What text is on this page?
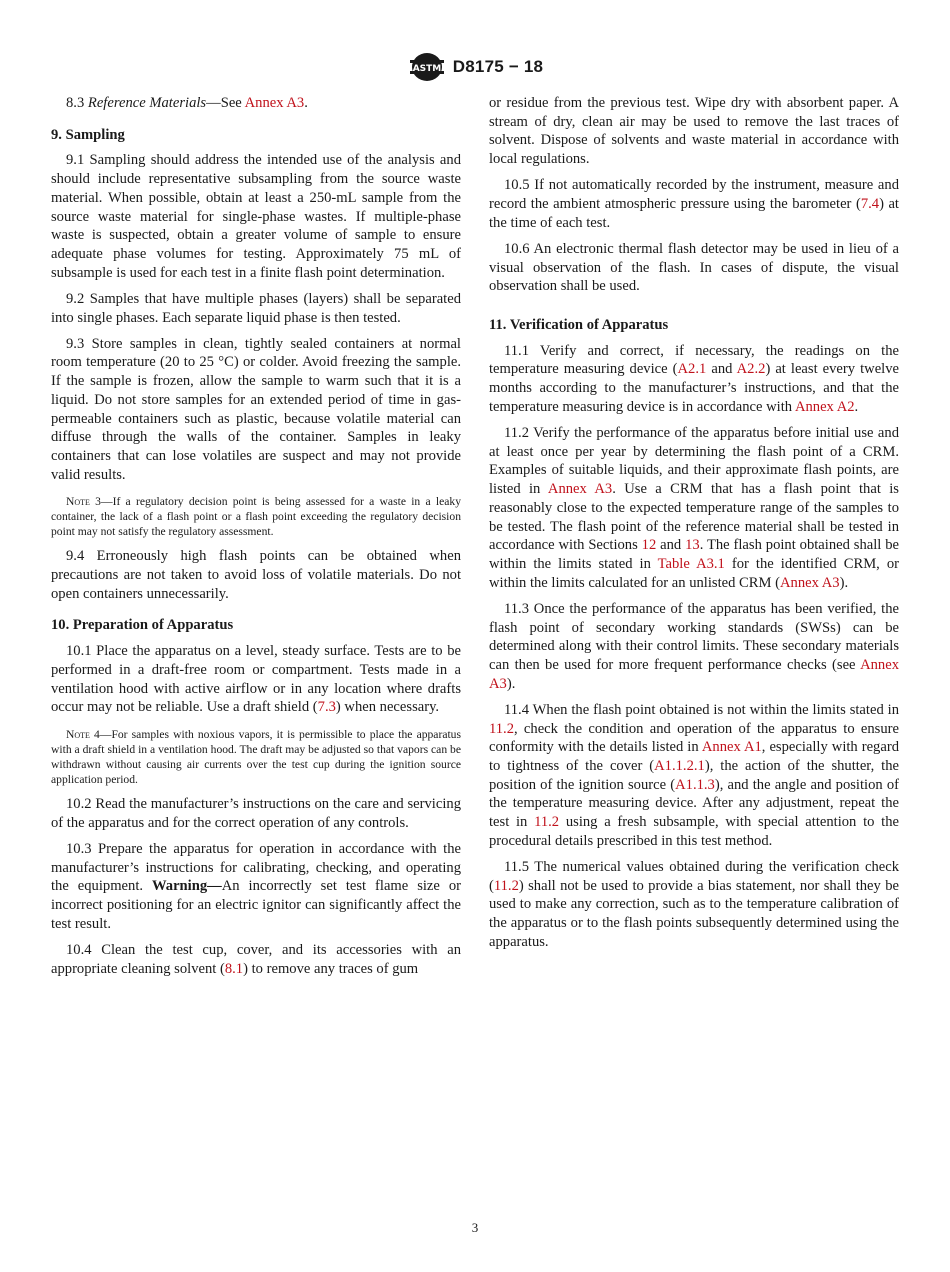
ASTM D8175 − 18

8.3 Reference Materials—See Annex A3.

9. Sampling

9.1 Sampling should address the intended use of the analysis and should include representative subsampling from the source waste material. When possible, obtain at least a 250-mL sample from the source waste material for single-phase wastes. If multiple-phase waste is suspected, obtain a greater volume of sample to ensure adequate phase volumes for testing. Approximately 75 mL of subsample is used for each test in a finite flash point determination.

9.2 Samples that have multiple phases (layers) shall be separated into single phases. Each separate liquid phase is then tested.

9.3 Store samples in clean, tightly sealed containers at normal room temperature (20 to 25 °C) or colder. Avoid freezing the sample. If the sample is frozen, allow the sample to warm such that it is a liquid. Do not store samples for an extended period of time in gas-permeable containers such as plastic, because volatile material can diffuse through the walls of the container. Samples in leaky containers that can lose volatiles are suspect and may not provide valid results.

Note 3—If a regulatory decision point is being assessed for a waste in a leaky container, the lack of a flash point or a flash point exceeding the regulatory decision point may not satisfy the regulatory assessment.

9.4 Erroneously high flash points can be obtained when precautions are not taken to avoid loss of volatile materials. Do not open containers unnecessarily.

10. Preparation of Apparatus

10.1 Place the apparatus on a level, steady surface. Tests are to be performed in a draft-free room or compartment. Tests made in a ventilation hood with active airflow or in any location where drafts occur may not be reliable. Use a draft shield (7.3) when necessary.

Note 4—For samples with noxious vapors, it is permissible to place the apparatus with a draft shield in a ventilation hood. The draft may be adjusted so that vapors can be withdrawn without causing air currents over the test cup during the ignition source application period.

10.2 Read the manufacturer’s instructions on the care and servicing of the apparatus and for the correct operation of any controls.

10.3 Prepare the apparatus for operation in accordance with the manufacturer’s instructions for calibrating, checking, and operating the equipment. Warning—An incorrectly set test flame size or incorrect positioning for an electric ignitor can significantly affect the test result.

10.4 Clean the test cup, cover, and its accessories with an appropriate cleaning solvent (8.1) to remove any traces of gum

or residue from the previous test. Wipe dry with absorbent paper. A stream of dry, clean air may be used to remove the last traces of solvent. Dispose of solvents and waste material in accordance with local regulations.

10.5 If not automatically recorded by the instrument, measure and record the ambient atmospheric pressure using the barometer (7.4) at the time of each test.

10.6 An electronic thermal flash detector may be used in lieu of a visual observation of the flash. In cases of dispute, the visual observation shall be used.

11. Verification of Apparatus

11.1 Verify and correct, if necessary, the readings on the temperature measuring device (A2.1 and A2.2) at least every twelve months according to the manufacturer’s instructions, and that the temperature measuring device is in accordance with Annex A2.

11.2 Verify the performance of the apparatus before initial use and at least once per year by determining the flash point of a CRM. Examples of suitable liquids, and their approximate flash points, are listed in Annex A3. Use a CRM that has a flash point that is reasonably close to the expected temperature range of the samples to be tested. The flash point of the reference material shall be tested in accordance with Sections 12 and 13. The flash point obtained shall be within the limits stated in Table A3.1 for the identified CRM, or within the limits calculated for an unlisted CRM (Annex A3).

11.3 Once the performance of the apparatus has been verified, the flash point of secondary working standards (SWSs) can be determined along with their control limits. These secondary materials can then be used for more frequent performance checks (see Annex A3).

11.4 When the flash point obtained is not within the limits stated in 11.2, check the condition and operation of the apparatus to ensure conformity with the details listed in Annex A1, especially with regard to tightness of the cover (A1.1.2.1), the action of the shutter, the position of the ignition source (A1.1.3), and the angle and position of the temperature measuring device. After any adjustment, repeat the test in 11.2 using a fresh subsample, with special attention to the procedural details prescribed in this test method.

11.5 The numerical values obtained during the verification check (11.2) shall not be used to provide a bias statement, nor shall they be used to make any correction, such as to the temperature calibration of the apparatus or to the flash points subsequently determined using the apparatus.

3
